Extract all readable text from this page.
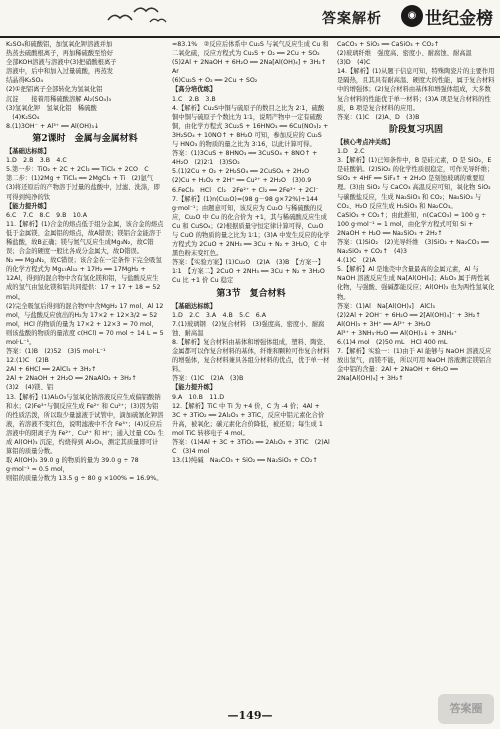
答案解析	◉ 世纪金榜

K₂SO₄和硫酸铝，加氢氧化钾溶液并加

热蒸去硫酸根离子，再加稀硫酸至恰好

全部KOH溶液与溶液中(3)把硝酸根离子

溶液中，后中和加入过量硫酸，再蒸发

结晶得K₂SO₄

(2)①把铝离子全部转化为氢氧化铝

沉淀　　接着用稀硫酸溶解 Al₂(SO₄)₃

(3)氢氧化钾　氢氧化铝　稀硫酸

　(4)K₂SO₄

8.(1)3OH⁻ + Al³⁺ ══ Al(OH)₃↓

第2课时　金属与金属材料

【基础达标练】

1.D　2.B　3.B　4.C

5.第一步：TiO₂ + 2C + 2Cl₂ ══ TiCl₄ + 2CO　C

第二步：(1)2Mg + TiCl₄ ══ 2MgCl₂ + Ti　(2)氩气

(3)将还原后的产物溶于过量的盐酸中，过滤、洗涤，即可得到纯净的钛

【能力提升练】

6.C　7.C　8.C　9.B　10.A

11.【解析】(1)合金的熔点低于组分金属，该合金的熔点低于金属镁、金属铝的熔点，故A错误；镁铝合金能溶于稀盐酸，故B正确；镁与氮气反应生成Mg₃N₂，故C错误；合金的硬度一般比各成分金属大，故D错误。

N₂ ══ Mg₃N₂，故C错误；该合金在一定条件下完全吸氢的化学方程式为 Mg₁₇Al₁₂ + 17H₂ ══ 17MgH₂ + 12Al，得到的混合物中含有氢化镁和铝，与盐酸反应生成的氢气由氢化镁和铝共同提供：17 + 17 + 18 = 52 mol。

(2)完全吸氢后得到的混合物Y中含MgH₂ 17 mol、Al 12 mol，与盐酸反应放出的H₂为 17×2 + 12×3/2 = 52 mol，HCl 的物质的量为 17×2 + 12×3 = 70 mol，则该盐酸的物质的量浓度 c(HCl) = 70 mol ÷ 14 L = 5 mol·L⁻¹。

答案：(1)B　(2)52　(3)5 mol·L⁻¹

12.(1)C　(2)B

2Al + 6HCl ══ 2AlCl₃ + 3H₂↑

2Al + 2NaOH + 2H₂O ══ 2NaAlO₂ + 3H₂↑

(3)2　(4)镁、铝

13.【解析】(1)Al₂O₃与氢氧化钠溶液反应生成偏铝酸钠和水；(2)Fe³⁺与铜反应生成 Fe²⁺ 和 Cu²⁺；(3)因为铝的性质活泼，所以取少量滤液于试管中，滴加硫氰化钾溶液，若溶液不变红色，说明滤液中不含 Fe³⁺；(4)反应后溶液中的阳离子为 Fe²⁺、Cu²⁺ 和 H⁺；通入过量 CO₂ 生成 Al(OH)₃ 沉淀，灼烧得到 Al₂O₃，测定其质量即可计算铝的质量分数。

取 Al(OH)₃ 39.0 g 的物质的量为 39.0 g ÷ 78 g·mol⁻¹ = 0.5 mol，

则铝的质量分数为 13.5 g ÷ 80 g ×100% = 16.9%。

≈83.1%　②反应后体系中 Cu₂S 与氧气反应生成 Cu 和二氧化硫，反应方程式为 Cu₂S + O₂ ══ 2Cu + SO₂

(5)2Al + 2NaOH + 6H₂O ══ 2Na[Al(OH)₄] + 3H₂↑　Ar

(6)Cu₂S + O₂ ══ 2Cu + SO₂

【高分培优练】

1.C　2.B　3.B

4.【解析】Cu₂S中铜与硫原子的数目之比为 2∶1，硫酸铜中铜与硫原子个数比为 1∶1，说明产物中一定有硫酸铜，由化学方程式 3Cu₂S + 16HNO₃ ══ 6Cu(NO₃)₂ + 3H₂SO₄ + 10NO↑ + 8H₂O 可知，参加反应的 Cu₂S 与 HNO₃ 的物质的量之比为 3∶16，以此计算可得。

答案：(1)3CuS + 8HNO₃ ══ 3CuSO₄ + 8NO↑ + 4H₂O　(2)2∶1　(3)SO₂

5.(1)2Cu + O₂ + 2H₂SO₄ ══ 2CuSO₄ + 2H₂O

(2)Cu + H₂O₂ + 2H⁺ ══ Cu²⁺ + 2H₂O　(3)0.9

6.FeCl₃　HCl　Cl₂　2Fe²⁺ + Cl₂ ══ 2Fe³⁺ + 2Cl⁻

7.【解析】(1)n(Cu₂O)=(98 g－98 g×72%)÷144 g·mol⁻¹；由题意可知，该反应为 Cu₂O 与稀硫酸的反应，Cu₂O 中 Cu 的化合价为 +1，其与稀硫酸反应生成 Cu 和 CuSO₄；(2)根据质量守恒定律计算可得，Cu₂O 与 CuO 的物质的量之比为 1∶1；(3)A 中发生反应的化学方程式为 2CuO + 2NH₃ ══ 3Cu + N₂ + 3H₂O，C 中黑色粉末变红色。

答案：【实验方案】(1)Cu₂O　(2)A　(3)B　【方案一】1∶1　【方案二】2CuO + 2NH₃ ══ 3Cu + N₂ + 3H₂O　Cu 比 +1 价 Cu 稳定

第3节　复合材料

【基础达标练】

1.D　2.C　3.A　4.B　5.C　6.A

7.(1)玻璃钢　(2)复合材料　(3)强度高、密度小、耐腐蚀、耐高温

8.【解析】复合材料由基体和增强体组成，塑料、陶瓷、金属都可以作复合材料的基体，纤维和颗粒可作复合材料的增强体，复合材料兼具各组分材料的优点，优于单一材料。

答案：(1)C　(2)A　(3)B

【能力提升练】

9.A　10.B　11.D

12.【解析】TiC 中 Ti 为 +4 价，C 为 -4 价；4Al + 3C + 3TiO₂ ══ 2Al₂O₃ + 3TiC，反应中铝元素化合价升高，被氧化；碳元素化合价降低，被还原；每生成 1 mol TiC 转移电子 4 mol。

答案：(1)4Al + 3C + 3TiO₂ ══ 2Al₂O₃ + 3TiC　(2)Al　C　(3)4 mol

13.(1)纯碱　Na₂CO₃ + SiO₂ ══ Na₂SiO₃ + CO₂↑

CaCO₃ + SiO₂ ══ CaSiO₃ + CO₂↑

(2)玻璃纤维　强度高、密度小、耐腐蚀、耐高温

(3)D　(4)C

14.【解析】(1)从题干信息可知，特殊陶瓷片的主要作用是隔热，且其具有耐高温、硬度大的性能，属于复合材料中的增强体；(2)复合材料由基体和增强体组成，大多数复合材料的性能优于单一材料；(3)A 项是复合材料的性质，B 项是复合材料的应用。

答案：(1)C　(2)A、D　(3)B

阶段复习巩固

【核心考点冲关练】

1.D　2.C

3.【解析】(1)已知条件中，B 是硅元素，D 是 SiO₂，E 是硅酸钠。(2)SiO₂ 的化学性质很稳定，可作光导纤维；SiO₂ + 4HF ══ SiF₄↑ + 2H₂O 是刻蚀玻璃的重要原理。(3)由 SiO₂ 与 CaCO₃ 高温反应可知，氧化物 SiO₂ 与碳酸盐反应，生成 Na₂SiO₃ 和 CO₂；Na₂SiO₃ 与 CO₂、H₂O 反应生成 H₂SiO₃ 和 Na₂CO₃。

CaSiO₃ + CO₂↑；由此推知，n(CaCO₃) = 100 g ÷ 100 g·mol⁻¹ = 1 mol，由化学方程式可知 Si + 2NaOH + H₂O ══ Na₂SiO₃ + 2H₂↑

答案：(1)SiO₂　(2)光导纤维　(3)SiO₂ + Na₂CO₃ ══ Na₂SiO₃ + CO₂↑　(4)3

4.(1)C　(2)A

5.【解析】Al 是地壳中含量最高的金属元素，Al 与 NaOH 溶液反应生成 Na[Al(OH)₄]；Al₂O₃ 属于两性氧化物，与强酸、强碱都能反应；Al(OH)₃ 也为两性氢氧化物。

答案：(1)Al　Na[Al(OH)₄]　AlCl₃

(2)2Al + 2OH⁻ + 6H₂O ══ 2[Al(OH)₄]⁻ + 3H₂↑

Al(OH)₃ + 3H⁺ ══ Al³⁺ + 3H₂O

Al³⁺ + 3NH₃·H₂O ══ Al(OH)₃↓ + 3NH₄⁺

6.(1)4 mol　(2)50 mL　HCl 400 mL

7.【解析】实验一：(1)由于 Al 能够与 NaOH 溶液反应放出氢气，而镁不能，所以可用 NaOH 溶液测定镁铝合金中铝的含量：2Al + 2NaOH + 6H₂O ══ 2Na[Al(OH)₄] + 3H₂↑

—149—
答案圈
